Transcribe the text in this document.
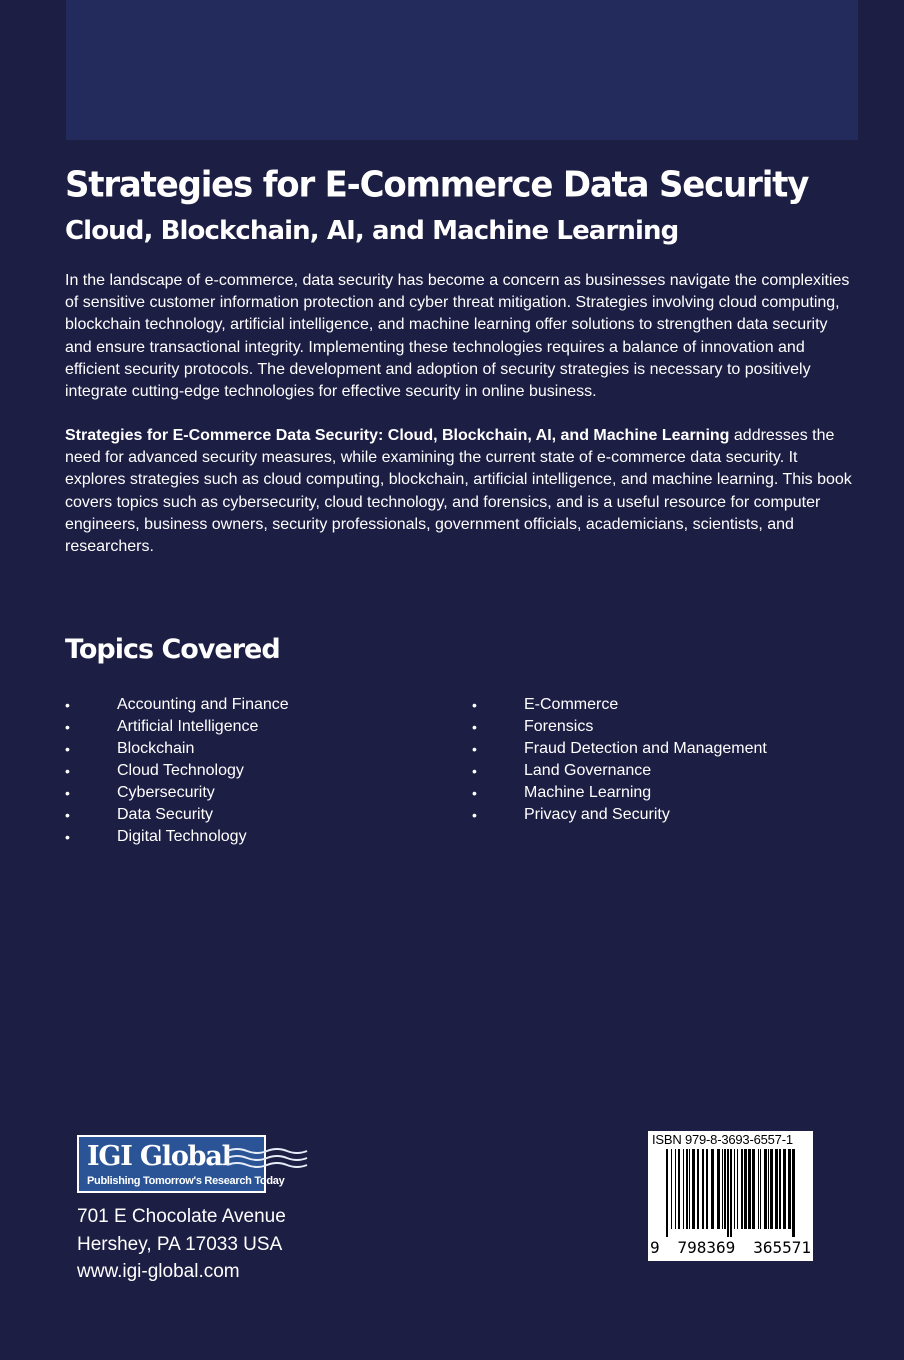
Strategies for E-Commerce Data Security
Cloud, Blockchain, AI, and Machine Learning

In the landscape of e-commerce, data security has become a concern as businesses navigate the complexities of sensitive customer information protection and cyber threat mitigation. Strategies involving cloud computing, blockchain technology, artificial intelligence, and machine learning offer solutions to strengthen data security and ensure transactional integrity. Implementing these technologies requires a balance of innovation and efficient security protocols. The development and adoption of security strategies is necessary to positively integrate cutting-edge technologies for effective security in online business.

Strategies for E-Commerce Data Security: Cloud, Blockchain, AI, and Machine Learning addresses the need for advanced security measures, while examining the current state of e-commerce data security. It explores strategies such as cloud computing, blockchain, artificial intelligence, and machine learning. This book covers topics such as cybersecurity, cloud technology, and forensics, and is a useful resource for computer engineers, business owners, security professionals, government officials, academicians, scientists, and researchers.

Topics Covered
•	Accounting and Finance
•	Artificial Intelligence
•	Blockchain
•	Cloud Technology
•	Cybersecurity
•	Data Security
•	Digital Technology
•	E-Commerce
•	Forensics
•	Fraud Detection and Management
•	Land Governance
•	Machine Learning
•	Privacy and Security
IGI Global
Publishing Tomorrow's Research Today
701 E Chocolate Avenue
Hershey, PA 17033 USA
www.igi-global.com
ISBN 979-8-3693-6557-1
9 798369 365571
